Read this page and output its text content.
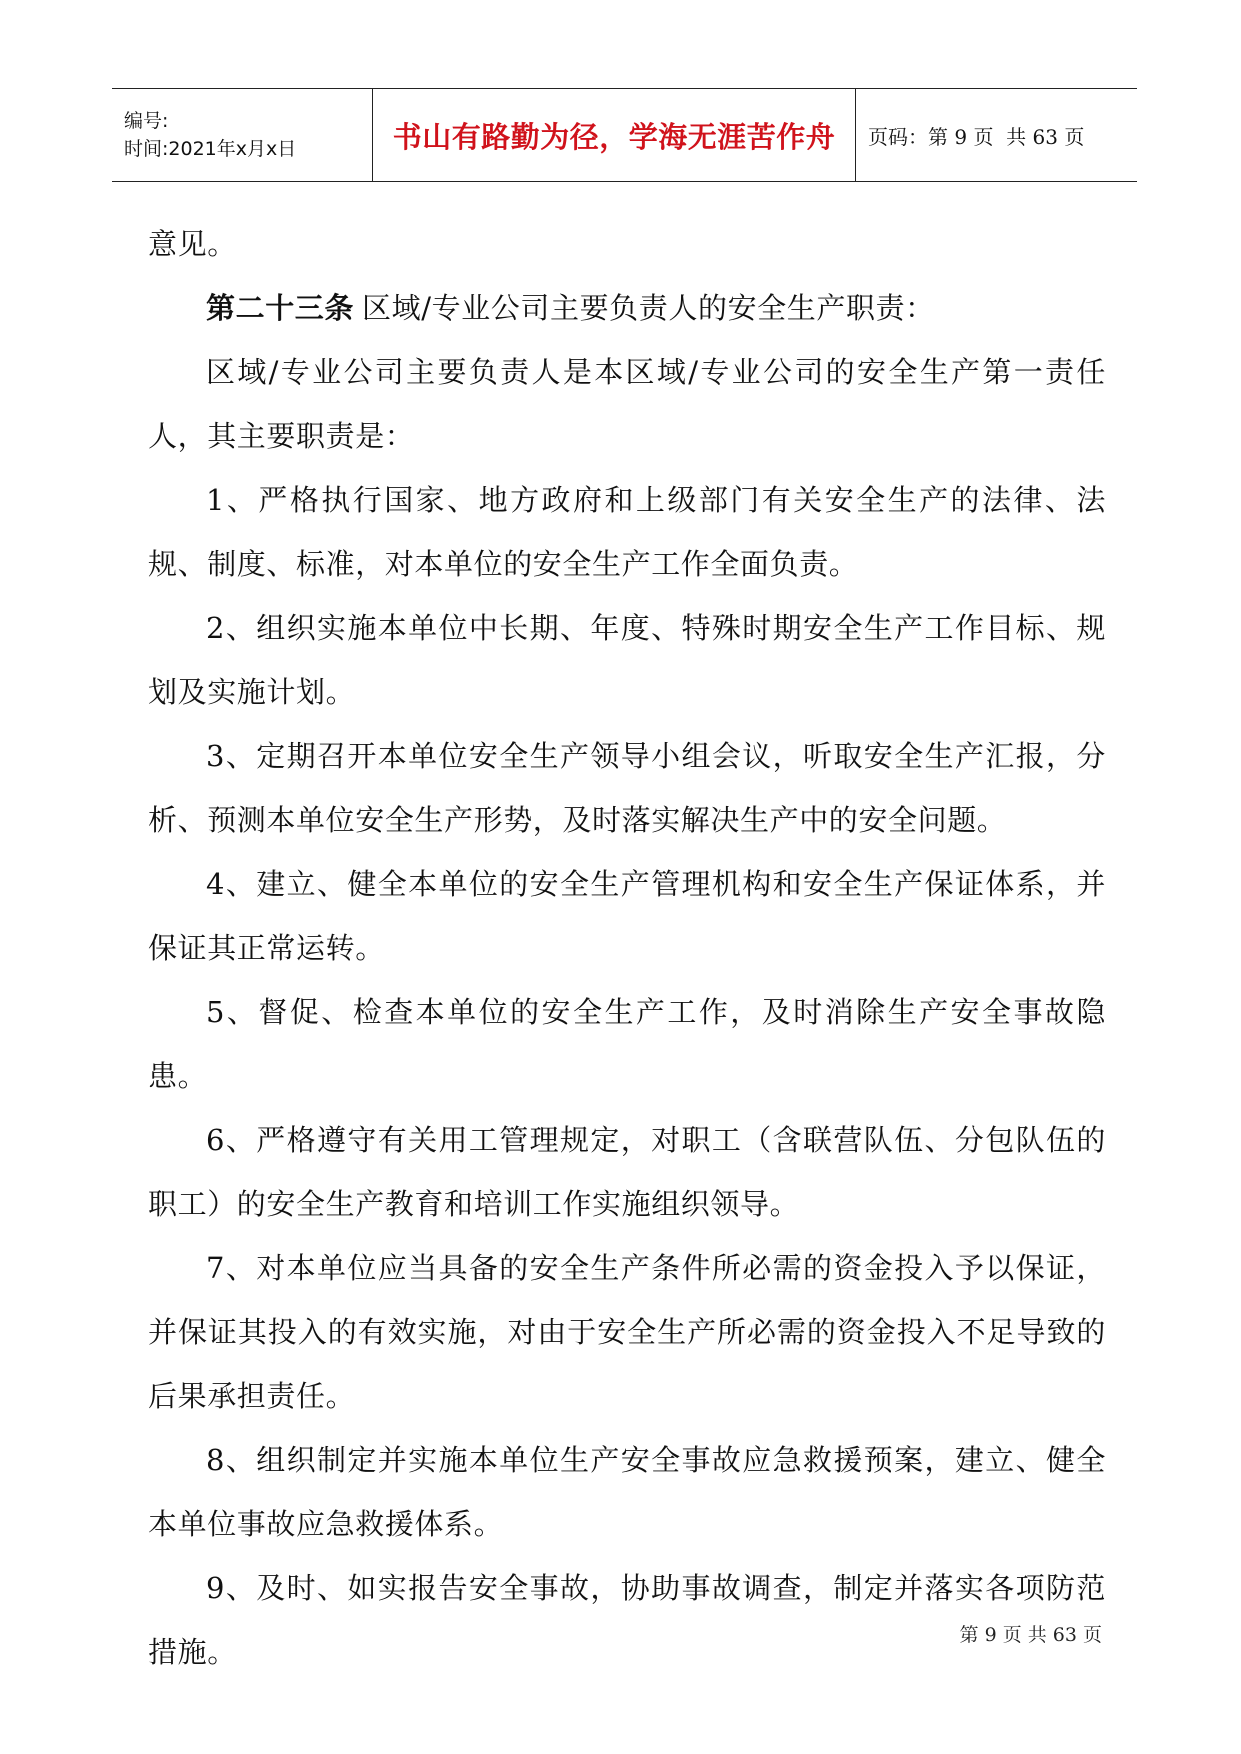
编号:
时间:2021年x月x日	书山有路勤为径，学海无涯苦作舟	页码：第 9 页  共 63 页

意见。

第二十三条 区域/专业公司主要负责人的安全生产职责：

区域/专业公司主要负责人是本区域/专业公司的安全生产第一责任人，其主要职责是：

1、严格执行国家、地方政府和上级部门有关安全生产的法律、法规、制度、标准，对本单位的安全生产工作全面负责。

2、组织实施本单位中长期、年度、特殊时期安全生产工作目标、规划及实施计划。

3、定期召开本单位安全生产领导小组会议，听取安全生产汇报，分析、预测本单位安全生产形势，及时落实解决生产中的安全问题。

4、建立、健全本单位的安全生产管理机构和安全生产保证体系，并保证其正常运转。

5、督促、检查本单位的安全生产工作，及时消除生产安全事故隐患。

6、严格遵守有关用工管理规定，对职工（含联营队伍、分包队伍的职工）的安全生产教育和培训工作实施组织领导。

7、对本单位应当具备的安全生产条件所必需的资金投入予以保证，并保证其投入的有效实施，对由于安全生产所必需的资金投入不足导致的后果承担责任。

8、组织制定并实施本单位生产安全事故应急救援预案，建立、健全本单位事故应急救援体系。

9、及时、如实报告安全事故，协助事故调查，制定并落实各项防范措施。	第 9 页 共 63 页
